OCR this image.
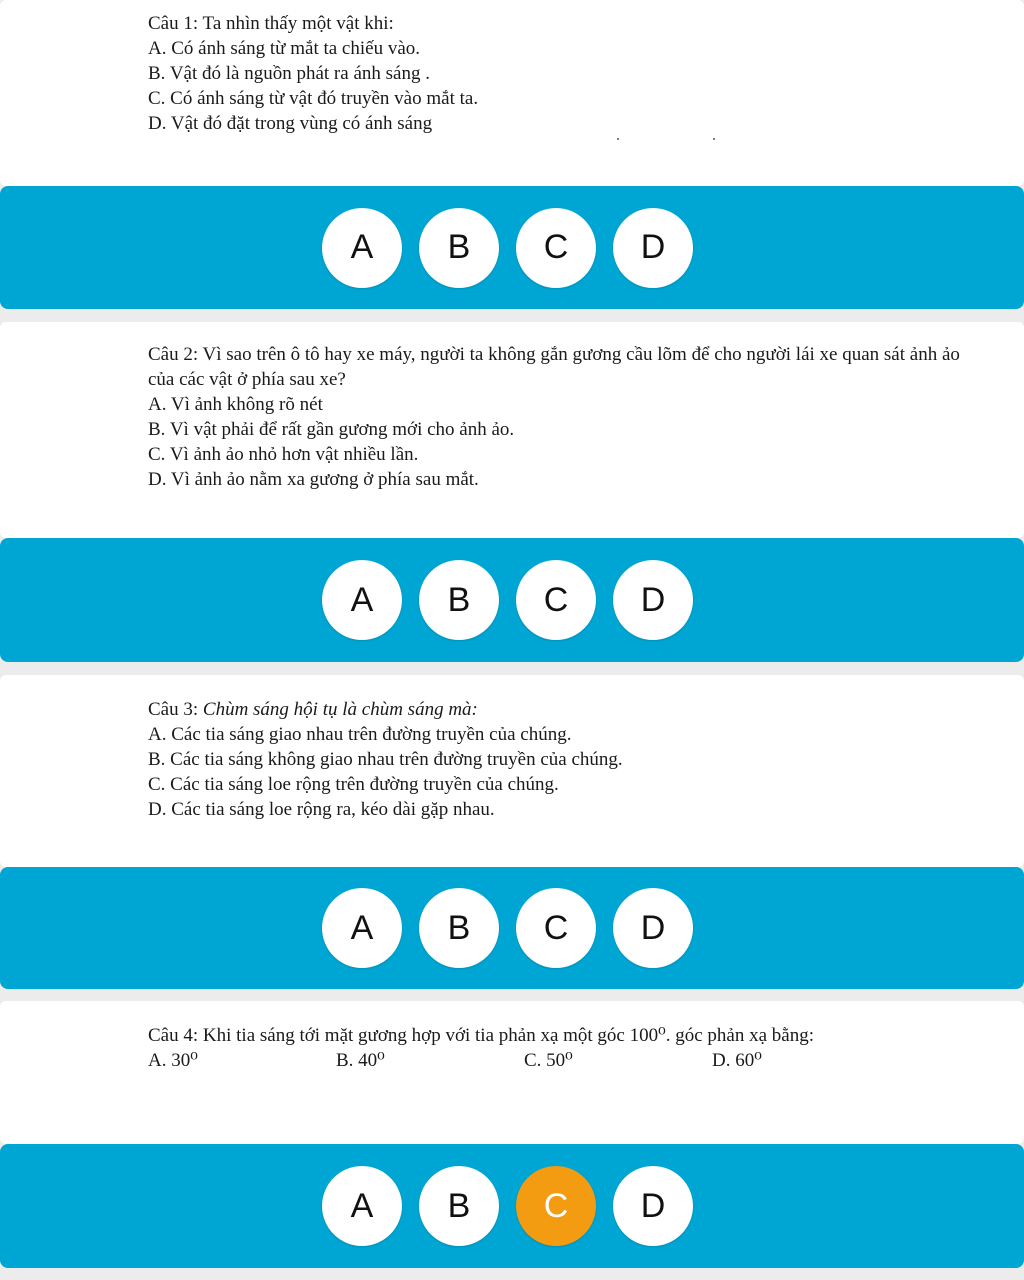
Câu 1: Ta nhìn thấy một vật khi:

A. Có ánh sáng từ mắt ta chiếu vào.

B. Vật đó là nguồn phát ra ánh sáng .

C. Có ánh sáng từ vật đó truyền vào mắt ta.

D. Vật đó đặt trong vùng có ánh sáng

A	B	C	D

Câu 2: Vì sao trên ô tô hay xe máy, người ta không gắn gương cầu lõm để cho người lái xe quan sát ảnh ảo của các vật ở phía sau xe?

A. Vì ảnh không rõ nét

B. Vì vật phải để rất gần gương mới cho ảnh ảo.

C. Vì ảnh ảo nhỏ hơn vật nhiều lần.

D. Vì ảnh ảo nằm xa gương ở phía sau mắt.

A	B	C	D

Câu 3: Chùm sáng hội tụ là chùm sáng mà:

A. Các tia sáng giao nhau trên đường truyền của chúng.

B. Các tia sáng không giao nhau trên đường truyền của chúng.

C. Các tia sáng loe rộng trên đường truyền của chúng.

D. Các tia sáng loe rộng ra, kéo dài gặp nhau.

A	B	C	D

Câu 4: Khi tia sáng tới mặt gương hợp với tia phản xạ một góc 100⁰. góc phản xạ bằng:

A. 30⁰	B. 40⁰	C. 50⁰	D. 60⁰
A	B	C	D
